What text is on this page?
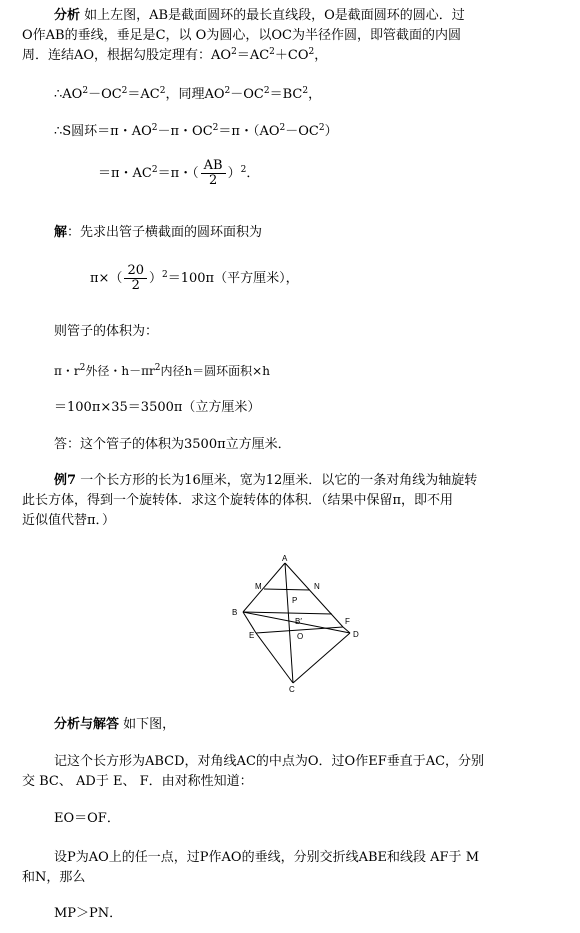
分析 如上左图，AB是截面圆环的最长直线段，O是截面圆环的圆心．过
O作AB的垂线，垂足是C，以 O为圆心，以OC为半径作圆，即管截面的内圆
周．连结AO，根据勾股定理有：$AO^2=AC^2+CO^2$，
$\therefore AO^2-OC^2=AC^2$，同理$AO^2-OC^2=BC^2$，
∴S圆环＝π・$AO^2-\pi$・$OC^2=\pi$・$(AO^2-OC^2)$
＝π・$AC^2=\pi$・（ $\frac{AB}{2} )^2$．
解：先求出管子横截面的圆环面积为
$\pi\times( \frac{20}{2} )^2=100\pi$（平方厘米），
则管子的体积为：
π・$r^2$外径・$h-\pi r^2$内径h＝圆环面积×h
＝100π×35＝3500π（立方厘米）
答：这个管子的体积为3500π立方厘米．
例7 一个长方形的长为16厘米，宽为12厘米．以它的一条对角线为轴旋转
此长方体，得到一个旋转体．求这个旋转体的体积．（结果中保留π，即不用
近似值代替π．）
A
M	N
P
B
B′
E	O
F
D
C
分析与解答 如下图，
记这个长方形为ABCD，对角线AC的中点为O．过O作EF垂直于AC，分别
交 BC、 AD于 E、 F．由对称性知道：
EO＝OF．
设P为AO上的任一点，过P作AO的垂线，分别交折线ABE和线段 AF于 M
和N，那么
MP＞PN．
